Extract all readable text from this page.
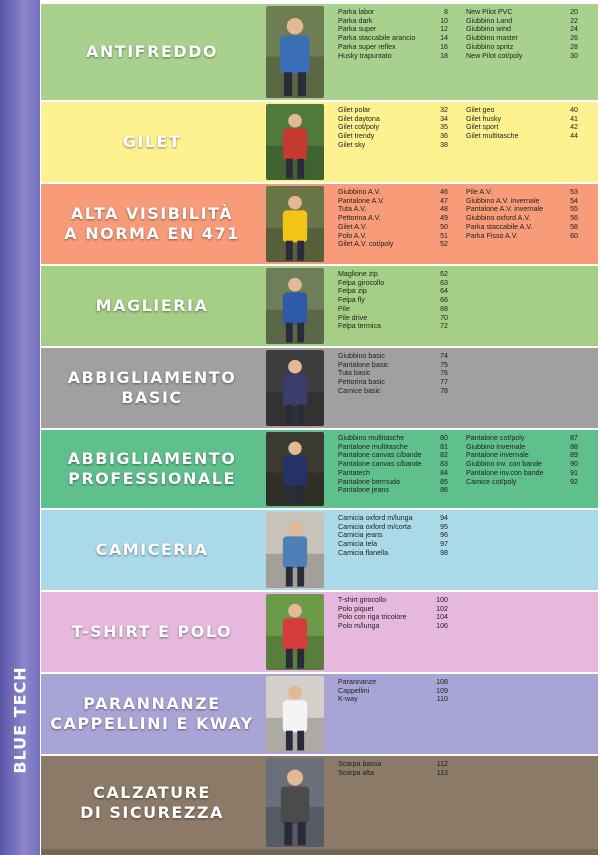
BLUE TECH
ANTIFREDDO
Parka labor	8
Parka dark	10
Parka super	12
Parka staccabile arancio	14
Parka super reflex	16
Husky trapuntato	18
New Pilot PVC	20
Giubbino Land	22
Giubbino wind	24
Giubbino master	26
Giubbino spritz	28
New Pilot cot/poly	30
GILET
Gilet polar	32
Gilet daytona	34
Gilet cot/poly	35
Gilet trendy	36
Gilet sky	38
Gilet geo	40
Gilet husky	41
Gilet sport	42
Gilet multitasche	44
ALTA VISIBILITÀ
A NORMA EN 471
Giubbino A.V.	46
Pantalone A.V.	47
Tuta A.V.	48
Pettorina A.V.	49
Gilet A.V.	50
Polo A.V.	51
Gilet A.V. cot/poly	52
Pile A.V.	53
Giubbino A.V. invernale	54
Pantalone A.V. invernale	55
Giubbino oxford A.V.	56
Parka staccabile A.V.	58
Parka Fisso A.V.	60
MAGLIERIA
Maglione zip	62
Felpa girocollo	63
Felpa zip	64
Felpa fly	66
Pile	68
Pile drive	70
Felpa termica	72
ABBIGLIAMENTO
BASIC
Giubbino basic	74
Pantalone basic	75
Tuta basic	76
Pettorina basic	77
Camice basic	78
ABBIGLIAMENTO
PROFESSIONALE
Giubbino multitasche	80
Pantalone multitasche	81
Pantalone canvas c/bande	82
Pantalone canvas c/bande	83
Pantatech	84
Pantalone bermuda	85
Pantalone jeans	86
Pantalone cot/poly	87
Giubbino invernale	88
Pantalone invernale	89
Giubbino inv. con bande	90
Pantalone inv.con bande	91
Camice cot/poly	92
CAMICERIA
Camicia oxford m/lunga	94
Camicia oxford m/corta	95
Camicia jeans	96
Camicia tela	97
Camicia flanella	98
T-SHIRT E POLO
T-shirt girocollo	100
Polo piquet	102
Polo con riga tricolore	104
Polo m/lunga	106
PARANNANZE
CAPPELLINI E KWAY
Parannanze	108
Cappellini	109
K-way	110
CALZATURE
DI SICUREZZA
Scarpa bassa	112
Scarpa alta	113
